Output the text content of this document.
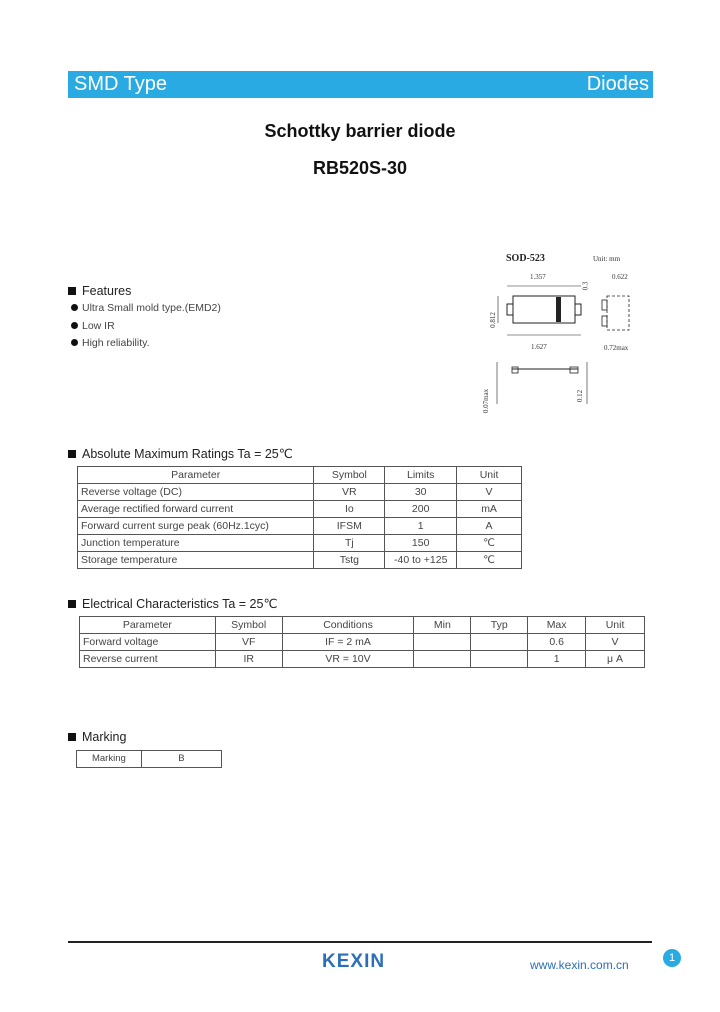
SMD Type	Diodes
Schottky barrier diode
RB520S-30
SOD-523	Unit: mm
1.357	0.622
0.812
0.3
1.627	0.72max
0.07max	0.12
Features
Ultra Small mold type.(EMD2)
Low IR
High reliability.
Absolute Maximum Ratings Ta = 25℃
Parameter	Symbol	Limits	Unit
Reverse voltage (DC)	VR	30	V
Average rectified forward current	Io	200	mA
Forward current surge peak (60Hz.1cyc)	IFSM	1	A
Junction temperature	Tj	150	℃
Storage temperature	Tstg	-40 to +125	℃
Electrical Characteristics Ta = 25℃
Parameter	Symbol	Conditions	Min	Typ	Max	Unit
Forward voltage	VF	IF = 2 mA			0.6	V
Reverse current	IR	VR = 10V			1	μ A
Marking
Marking	B
KEXIN	www.kexin.com.cn	1
